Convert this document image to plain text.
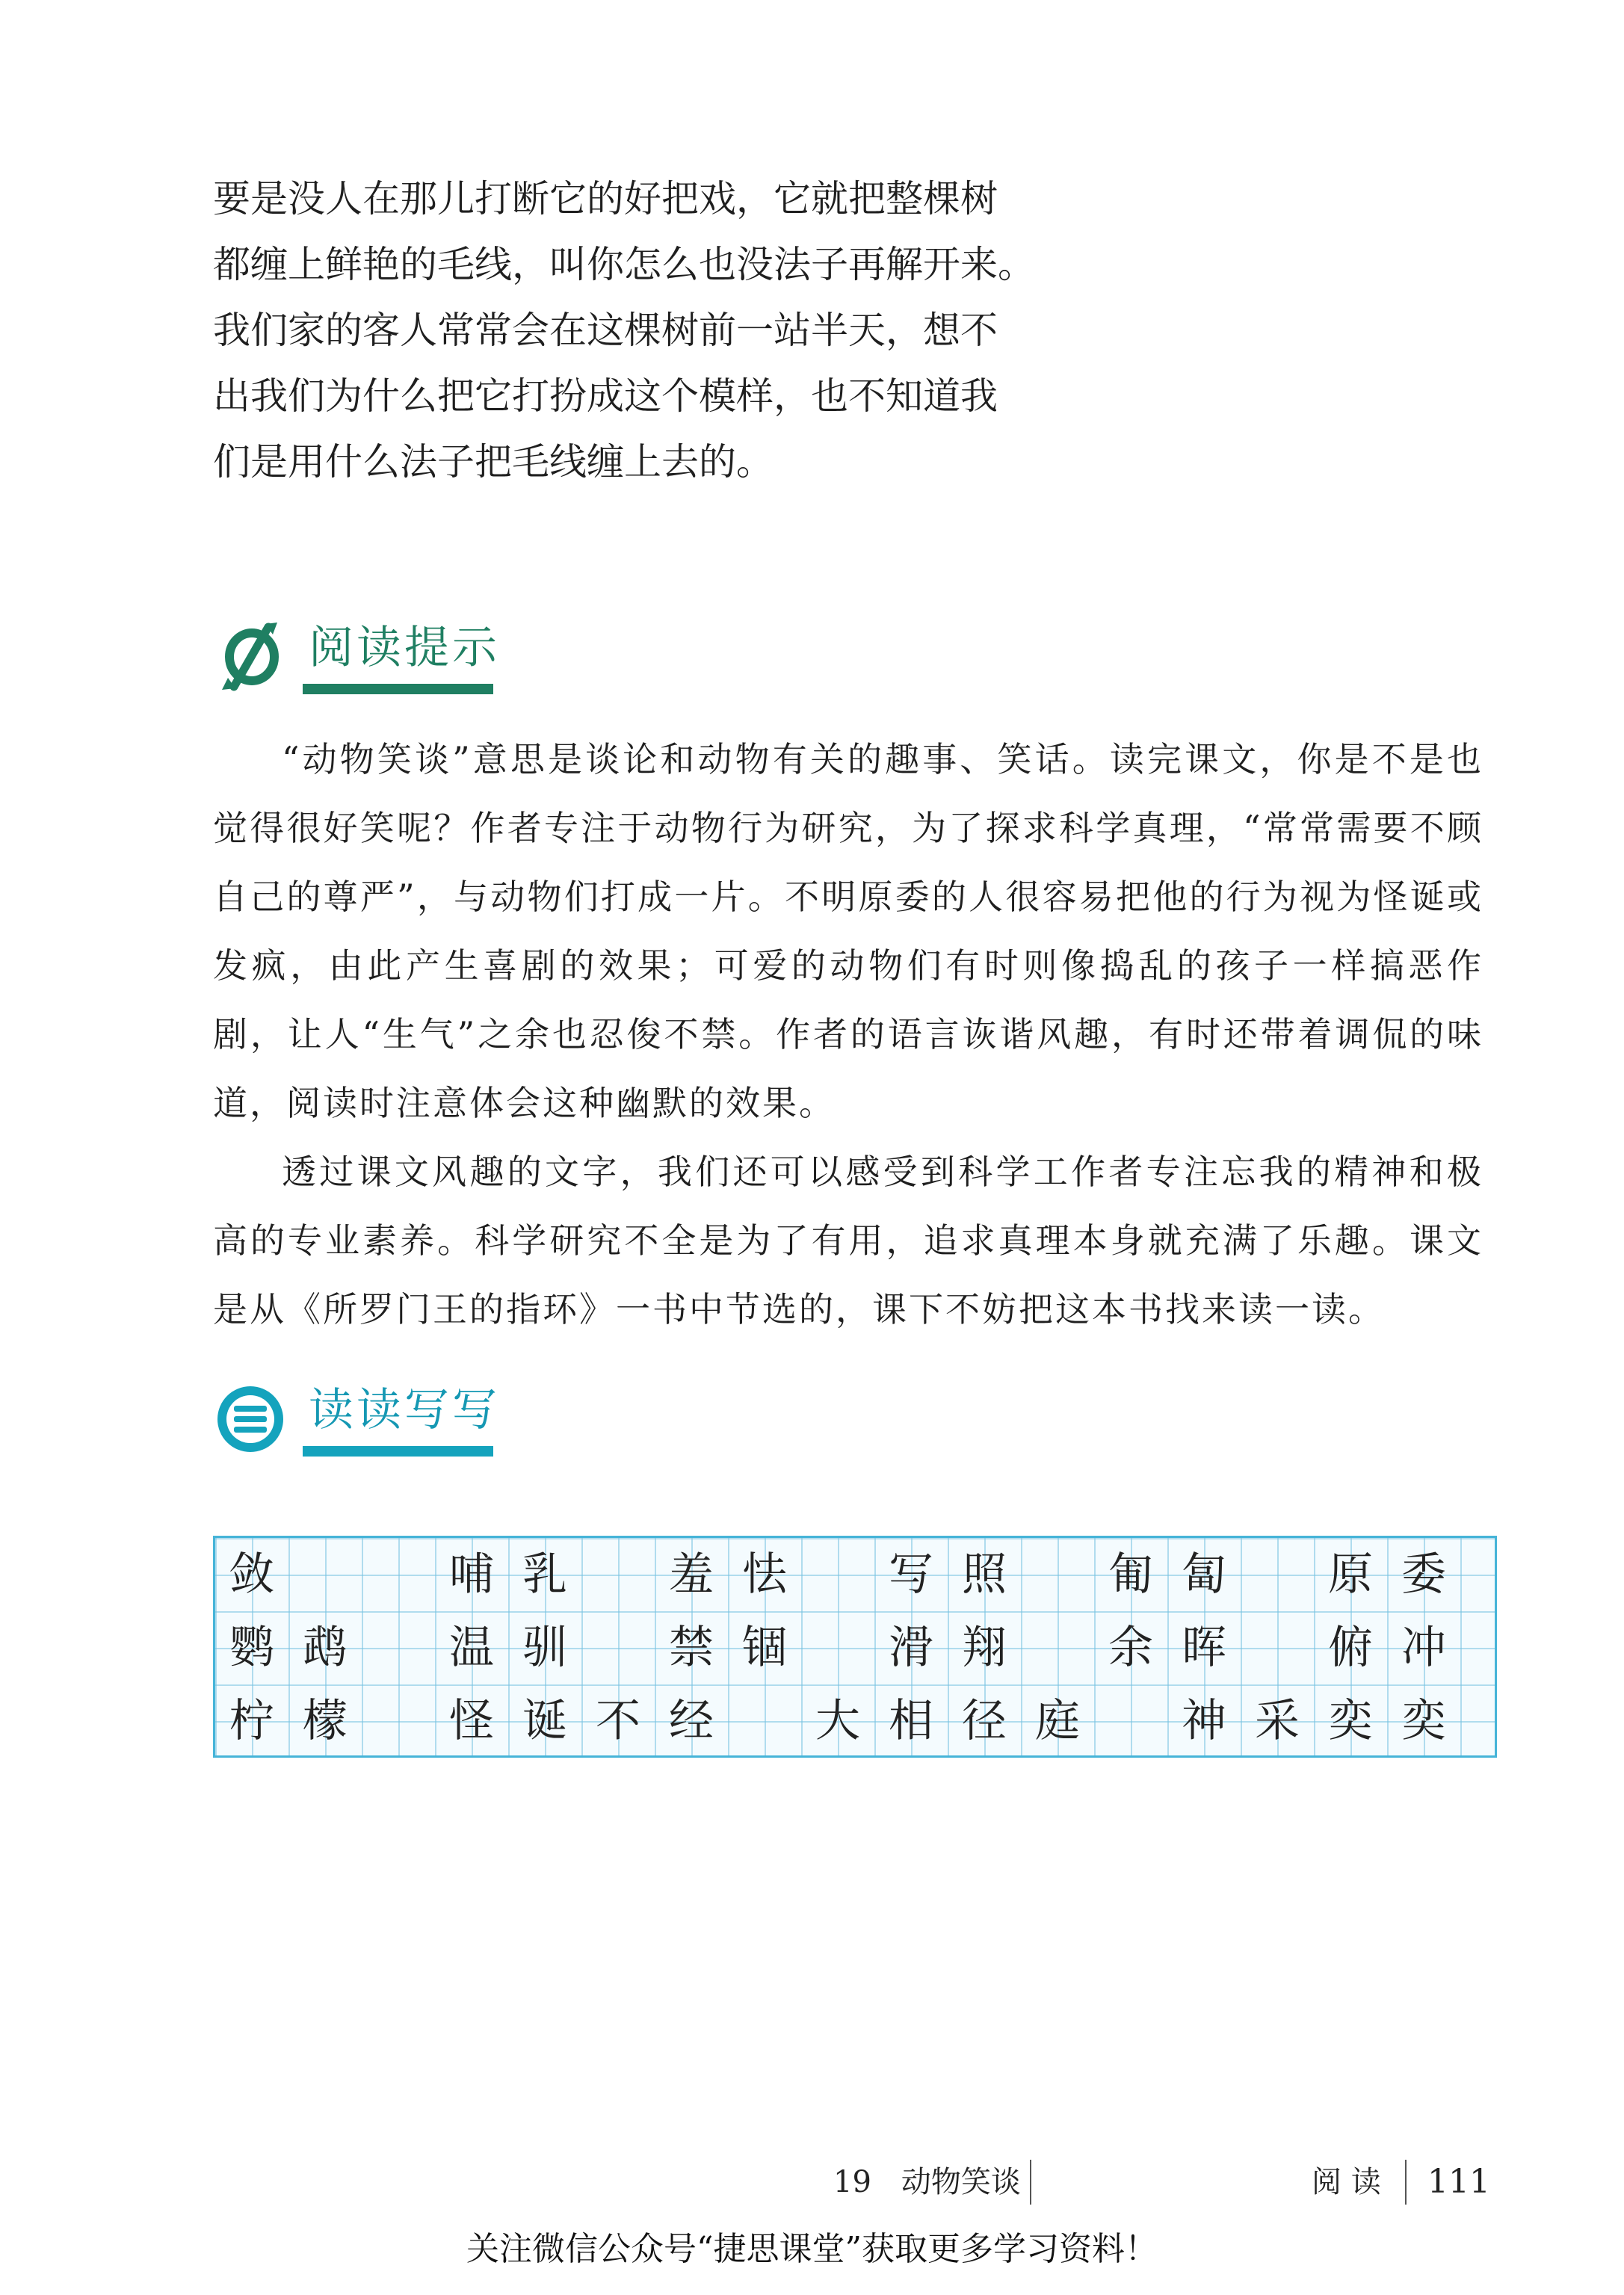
要是没人在那儿打断它的好把戏，它就把整棵树

都缠上鲜艳的毛线，叫你怎么也没法子再解开来。

我们家的客人常常会在这棵树前一站半天，想不

出我们为什么把它打扮成这个模样，也不知道我

们是用什么法子把毛线缠上去的。

阅读提示

“动物笑谈”意思是谈论和动物有关的趣事、笑话。读完课文，你是不是也觉得很好笑呢？作者专注于动物行为研究，为了探求科学真理，“常常需要不顾自己的尊严”，与动物们打成一片。不明原委的人很容易把他的行为视为怪诞或发疯，由此产生喜剧的效果；可爱的动物们有时则像捣乱的孩子一样搞恶作剧，让人“生气”之余也忍俊不禁。作者的语言诙谐风趣，有时还带着调侃的味道，阅读时注意体会这种幽默的效果。

透过课文风趣的文字，我们还可以感受到科学工作者专注忘我的精神和极高的专业素养。科学研究不全是为了有用，追求真理本身就充满了乐趣。课文是从《所罗门王的指环》一书中节选的，课下不妨把这本书找来读一读。

读读写写
敛	哺 乳	羞 怯	写 照	匍 匐	原 委
鹦 鹉	温 驯	禁 锢	滑 翔	余 晖	俯 冲
柠 檬	怪 诞 不 经	大 相 径 庭	神 采 奕 奕
19　动物笑谈	阅 读 111
关注微信公众号“捷思课堂”获取更多学习资料！
